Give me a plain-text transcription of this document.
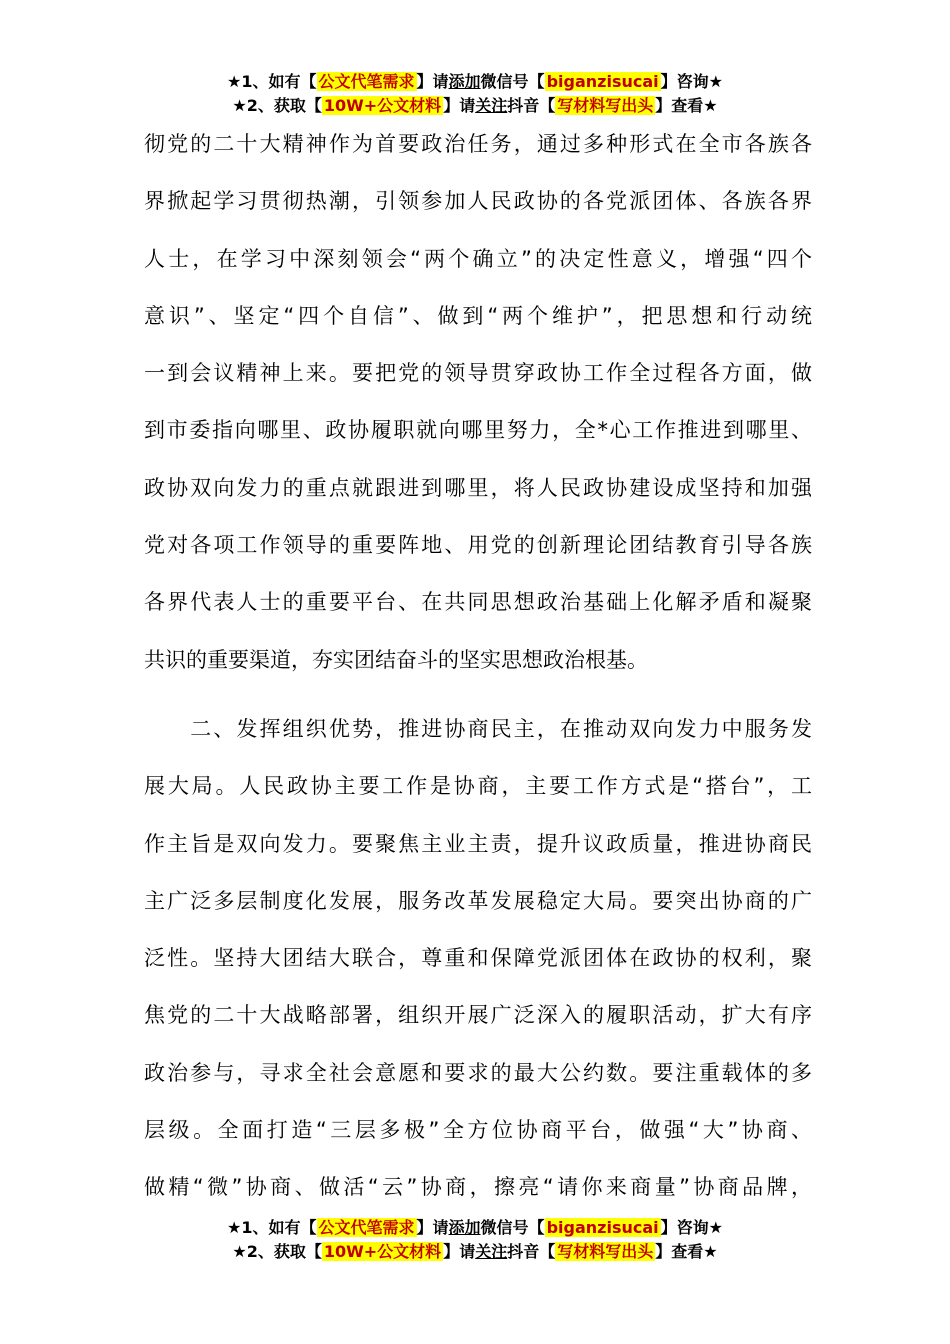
★1、如有【 公文代笔需求 】请添加微信号【 biganzisucai 】咨询★
★2、获取【 10W+公文材料 】请关注抖音【 写材料写出头 】查看★
彻党的二十大精神作为首要政治任务，通过多种形式在全市各族各
界掀起学习贯彻热潮，引领参加人民政协的各党派团体、各族各界
人士，在学习中深刻领会“两个确立”的决定性意义，增强“四个
意识”、坚定“四个自信”、做到“两个维护”，把思想和行动统
一到会议精神上来。要把党的领导贯穿政协工作全过程各方面，做
到市委指向哪里、政协履职就向哪里努力，全*心工作推进到哪里、
政协双向发力的重点就跟进到哪里，将人民政协建设成坚持和加强
党对各项工作领导的重要阵地、用党的创新理论团结教育引导各族
各界代表人士的重要平台、在共同思想政治基础上化解矛盾和凝聚
共识的重要渠道，夯实团结奋斗的坚实思想政治根基。
　　二、发挥组织优势，推进协商民主，在推动双向发力中服务发
展大局。人民政协主要工作是协商，主要工作方式是“搭台”，工
作主旨是双向发力。要聚焦主业主责，提升议政质量，推进协商民
主广泛多层制度化发展，服务改革发展稳定大局。要突出协商的广
泛性。坚持大团结大联合，尊重和保障党派团体在政协的权利，聚
焦党的二十大战略部署，组织开展广泛深入的履职活动，扩大有序
政治参与，寻求全社会意愿和要求的最大公约数。要注重载体的多
层级。全面打造“三层多极”全方位协商平台，做强“大”协商、
做精“微”协商、做活“云”协商，擦亮“请你来商量”协商品牌，
★1、如有【 公文代笔需求 】请添加微信号【 biganzisucai 】咨询★
★2、获取【 10W+公文材料 】请关注抖音【 写材料写出头 】查看★
